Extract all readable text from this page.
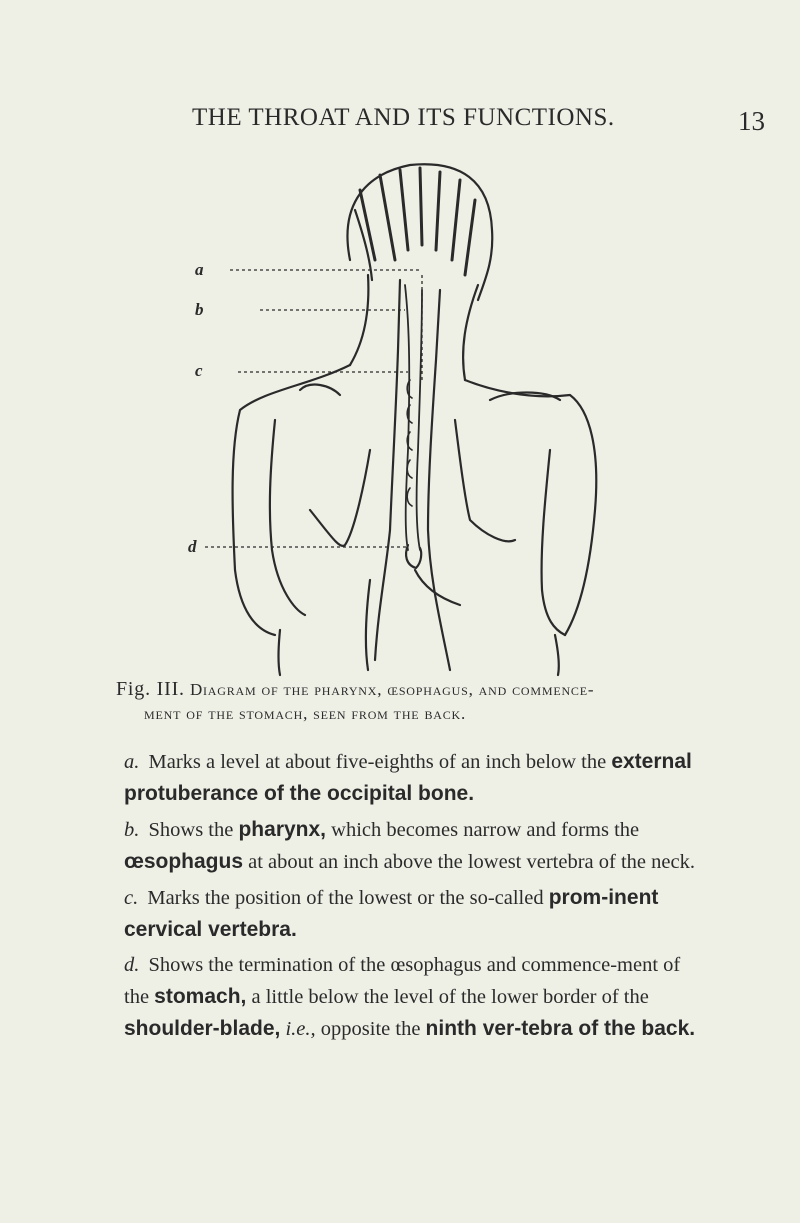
THE THROAT AND ITS FUNCTIONS.	13
a
b
c
d
Fig. III. Diagram of the pharynx, œsophagus, and commence-
ment of the stomach, seen from the back.

a. Marks a level at about five-eighths of an inch below the external protuberance of the occipital bone.

b. Shows the pharynx, which becomes narrow and forms the œsophagus at about an inch above the lowest vertebra of the neck.

c. Marks the position of the lowest or the so-called prom-inent cervical vertebra.

d. Shows the termination of the œsophagus and commence-ment of the stomach, a little below the level of the lower border of the shoulder-blade, i.e., opposite the ninth ver-tebra of the back.
